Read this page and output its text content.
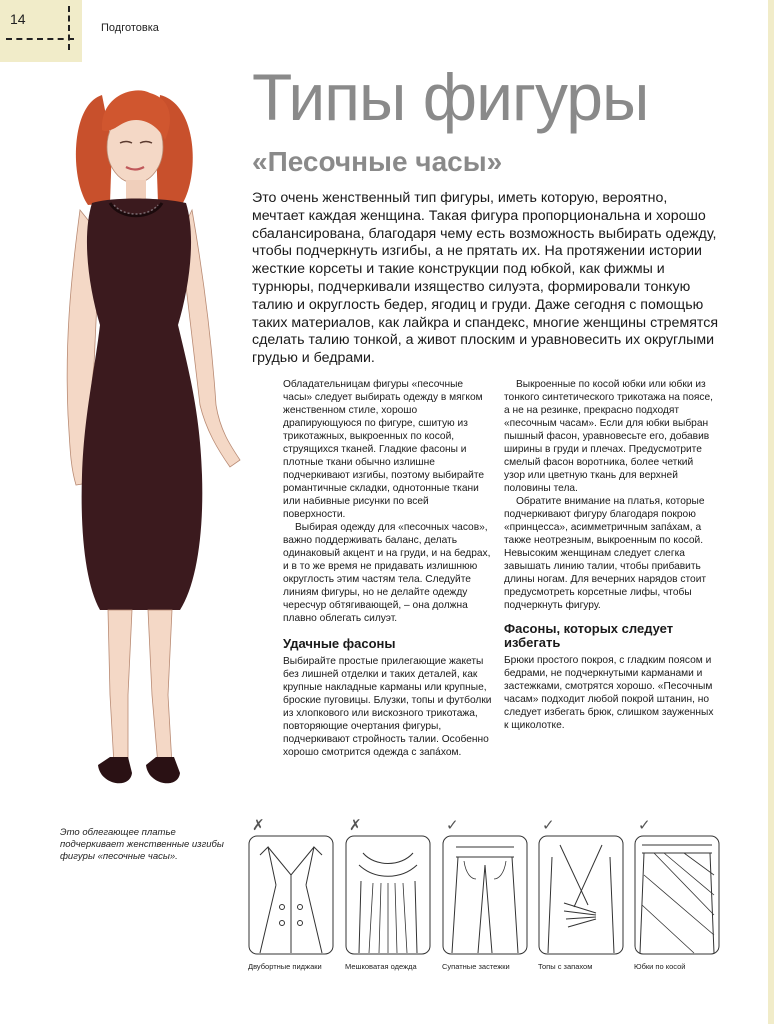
14
Подготовка
Типы фигуры
«Песочные часы»

Это очень женственный тип фигуры, иметь которую, вероятно, мечтает каждая женщина. Такая фигура пропорциональна и хорошо сбалансирована, благодаря чему есть возможность выбирать одежду, чтобы подчеркнуть изгибы, а не прятать их. На протяжении истории жесткие корсеты и такие конструкции под юбкой, как фижмы и турнюры, подчеркивали изящество силуэта, формировали тонкую талию и округлость бедер, ягодиц и груди. Даже сегодня с помощью таких материалов, как лайкра и спандекс, многие женщины стремятся сделать талию тонкой, а живот плоским и уравновесить их округлыми грудью и бедрами.

Обладательницам фигуры «песочные часы» следует выбирать одежду в мягком женственном стиле, хорошо драпирующуюся по фигуре, сшитую из трикотажных, выкроенных по косой, струящихся тканей. Гладкие фасоны и плотные ткани обычно излишне подчеркивают изгибы, поэтому выбирайте романтичные складки, однотонные ткани или набивные рисунки по всей поверхности.

Выбирая одежду для «песочных часов», важно поддерживать баланс, делать одинаковый акцент и на груди, и на бедрах, и в то же время не придавать излишнюю округлость этим частям тела. Следуйте линиям фигуры, но не делайте одежду чересчур обтягивающей, – она должна плавно облегать силуэт.

Удачные фасоны

Выбирайте простые прилегающие жакеты без лишней отделки и таких деталей, как крупные накладные карманы или крупные, броские пуговицы. Блузки, топы и футболки из хлопкового или вискозного трикотажа, повторяющие очертания фигуры, подчеркивают стройность талии. Особенно хорошо смотрится одежда с запáхом.

Выкроенные по косой юбки или юбки из тонкого синтетического трикотажа на поясе, а не на резинке, прекрасно подходят «песочным часам». Если для юбки выбран пышный фасон, уравновесьте его, добавив ширины в груди и плечах. Предусмотрите смелый фасон воротника, более четкий узор или цветную ткань для верхней половины тела.

Обратите внимание на платья, которые подчеркивают фигуру благодаря покрою «принцесса», асимметричным запáхам, а также неотрезным, выкроенным по косой. Невысоким женщинам следует слегка завышать линию талии, чтобы прибавить длины ногам. Для вечерних нарядов стоит предусмотреть корсетные лифы, чтобы подчеркнуть фигуру.

Фасоны, которых следует избегать

Брюки простого покроя, с гладким поясом и бедрами, не подчеркнутыми карманами и застежками, смотрятся хорошо. «Песочным часам» подходит любой покрой штанин, но следует избегать брюк, слишком зауженных к щиколотке.

Это облегающее платье подчеркивает женственные изгибы фигуры «песочные часы».
✗
Двубортные пиджаки
✗
Мешковатая одежда
✓
Супатные застежки
✓
Топы с запахом
✓
Юбки по косой
